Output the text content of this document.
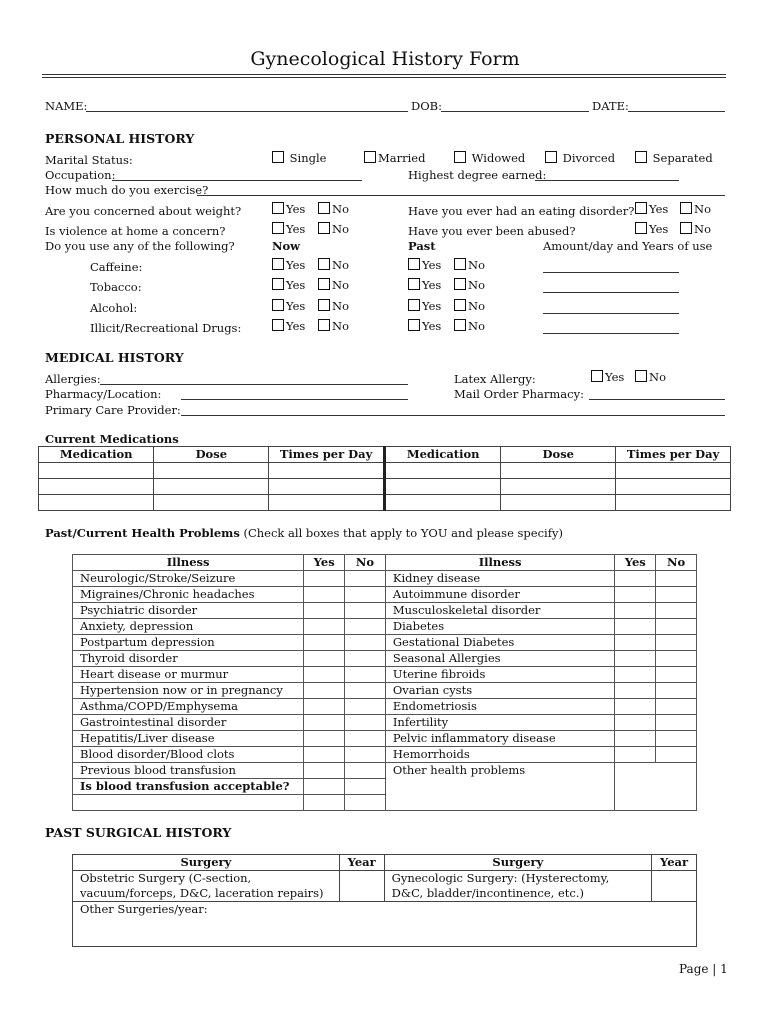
Gynecological History Form
NAME:	DOB:	DATE:
PERSONAL HISTORY
Marital Status:	Single	Married	Widowed	Divorced	Separated
Occupation:	Highest degree earned:
How much do you exercise?
Are you concerned about weight?	Yes	No	Have you ever had an eating disorder?	Yes	No
Is violence at home a concern?	Yes	No	Have you ever been abused?	Yes	No
Do you use any of the following?	Now	Past	Amount/day and Years of use
Caffeine:	Yes	No	Yes	No
Tobacco:	Yes	No	Yes	No
Alcohol:	Yes	No	Yes	No
Illicit/Recreational Drugs:	Yes	No	Yes	No
MEDICAL HISTORY
Allergies:	Latex Allergy:	Yes	No
Pharmacy/Location:	Mail Order Pharmacy:
Primary Care Provider:
Current Medications
Medication	Dose	Times per Day	Medication	Dose	Times per Day

Past/Current Health Problems (Check all boxes that apply to YOU and please specify)
Illness	Yes	No	Illness	Yes	No
Neurologic/Stroke/Seizure			Kidney disease		
Migraines/Chronic headaches			Autoimmune disorder		
Psychiatric disorder			Musculoskeletal disorder		
Anxiety, depression			Diabetes		
Postpartum depression			Gestational Diabetes		
Thyroid disorder			Seasonal Allergies		
Heart disease or murmur			Uterine fibroids		
Hypertension now or in pregnancy			Ovarian cysts		
Asthma/COPD/Emphysema			Endometriosis		
Gastrointestinal disorder			Infertility		
Hepatitis/Liver disease			Pelvic inflammatory disease		
Blood disorder/Blood clots			Hemorrhoids		
Previous blood transfusion			Other health problems		
Is blood transfusion acceptable?					

PAST SURGICAL HISTORY
Surgery	Year	Surgery	Year
Obstetric Surgery (C-section, vacuum/forceps, D&C, laceration repairs)		Gynecologic Surgery: (Hysterectomy, D&C, bladder/incontinence, etc.)	
Other Surgeries/year:			
Page | 1
